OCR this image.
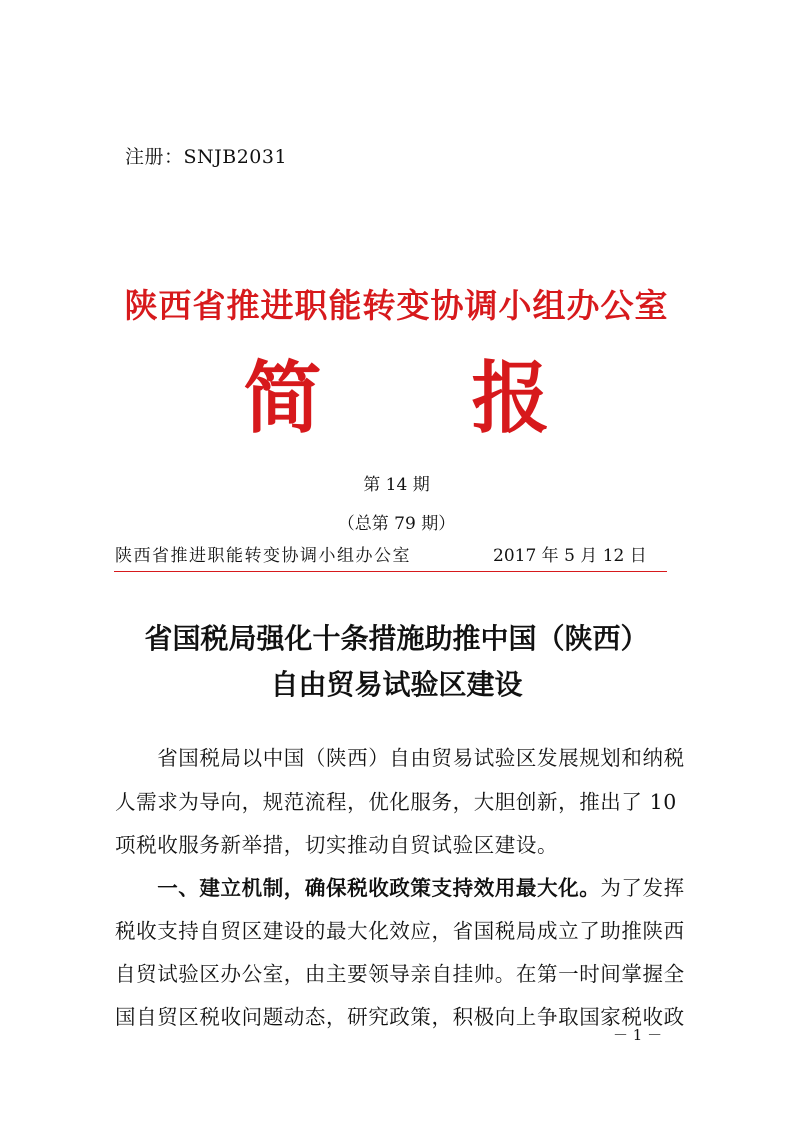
注册：SNJB2031
陕西省推进职能转变协调小组办公室
简 报
第 14 期
（总第 79 期）
陕西省推进职能转变协调小组办公室	2017 年 5 月 12 日
省国税局强化十条措施助推中国（陕西）
自由贸易试验区建设
　　省国税局以中国（陕西）自由贸易试验区发展规划和纳税
人需求为导向，规范流程，优化服务，大胆创新，推出了 10
项税收服务新举措，切实推动自贸试验区建设。
　　一、建立机制，确保税收政策支持效用最大化。为了发挥
税收支持自贸区建设的最大化效应，省国税局成立了助推陕西
自贸试验区办公室，由主要领导亲自挂帅。在第一时间掌握全
国自贸区税收问题动态，研究政策，积极向上争取国家税收政
－ 1 －
